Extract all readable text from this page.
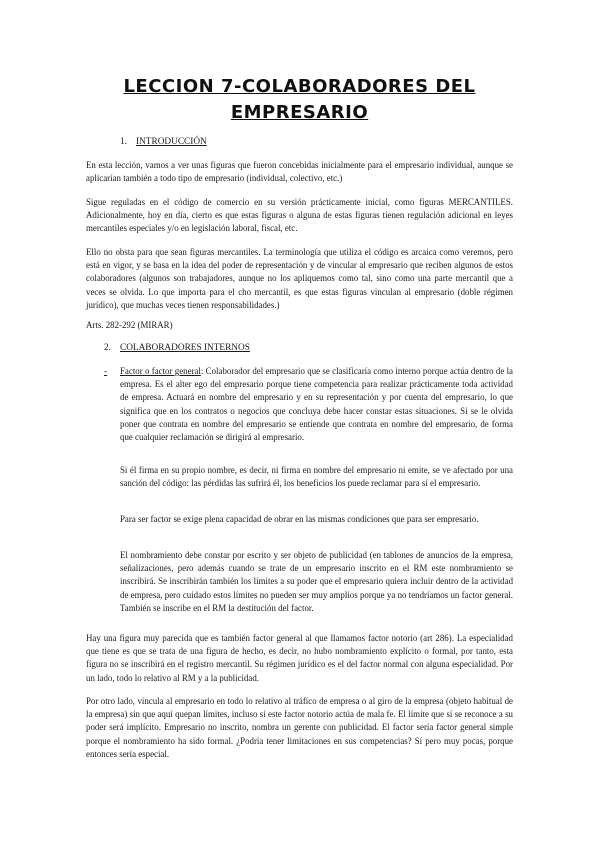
LECCION 7-COLABORADORES DEL
EMPRESARIO
1. INTRODUCCIÓN

En esta lección, vamos a ver unas figuras que fueron concebidas inicialmente para el empresario individual, aunque se aplicarían también a todo tipo de empresario (individual, colectivo, etc.)

Sigue reguladas en el código de comercio en su versión prácticamente inicial, como figuras MERCANTILES. Adicionalmente, hoy en día, cierto es que estas figuras o alguna de estas figuras tienen regulación adicional en leyes mercantiles especiales y/o en legislación laboral, fiscal, etc.

Ello no obsta para que sean figuras mercantiles. La terminología que utiliza el código es arcaica como veremos, pero está en vigor, y se basa en la idea del poder de representación y de vincular al empresario que reciben algunos de estos colaboradores (algunos son trabajadores, aunque no los apliquemos como tal, sino como una parte mercantil que a veces se olvida. Lo que importa para el cho mercantil, es que estas figuras vinculan al empresario (doble régimen jurídico), que muchas veces tienen responsabilidades.)

Arts. 282-292 (MIRAR)

2. COLABORADORES INTERNOS
- Factor o factor general: Colaborador del empresario que se clasificaría como interno porque actúa dentro de la empresa. Es el alter ego del empresario porque tiene competencia para realizar prácticamente toda actividad de empresa. Actuará en nombre del empresario y en su representación y por cuenta del empresario, lo que significa que en los contratos o negocios que concluya debe hacer constar estas situaciones. Si se le olvida poner que contrata en nombre del empresario se entiende que contrata en nombre del empresario, de forma que cualquier reclamación se dirigirá al empresario.

Si él firma en su propio nombre, es decir, ni firma en nombre del empresario ni emite, se ve afectado por una sanción del código: las pérdidas las sufrirá él, los beneficios los puede reclamar para sí el empresario.

Para ser factor se exige plena capacidad de obrar en las mismas condiciones que para ser empresario.

El nombramiento debe constar por escrito y ser objeto de publicidad (en tablones de anuncios de la empresa, señalizaciones, pero además cuando se trate de un empresario inscrito en el RM este nombramiento se inscribirá. Se inscribirán también los límites a su poder que el empresario quiera incluir dentro de la actividad de empresa, pero cuidado estos límites no pueden ser muy amplios porque ya no tendríamos un factor general. También se inscribe en el RM la destitución del factor.

Hay una figura muy parecida que es también factor general al que llamamos factor notorio (art 286). La especialidad que tiene es que se trata de una figura de hecho, es decir, no hubo nombramiento explícito o formal, por tanto, esta figura no se inscribirá en el registro mercantil. Su régimen jurídico es el del factor normal con alguna especialidad. Por un lado, todo lo relativo al RM y a la publicidad.

Por otro lado, vincula al empresario en todo lo relativo al tráfico de empresa o al giro de la empresa (objeto habitual de la empresa) sin que aquí quepan límites, incluso si este factor notorio actúa de mala fe. El límite que sí se reconoce a su poder será implícito. Empresario no inscrito, nombra un gerente con publicidad. El factor sería factor general simple porque el nombramiento ha sido formal. ¿Podría tener limitaciones en sus competencias? Sí pero muy pocas, porque entonces sería especial.
